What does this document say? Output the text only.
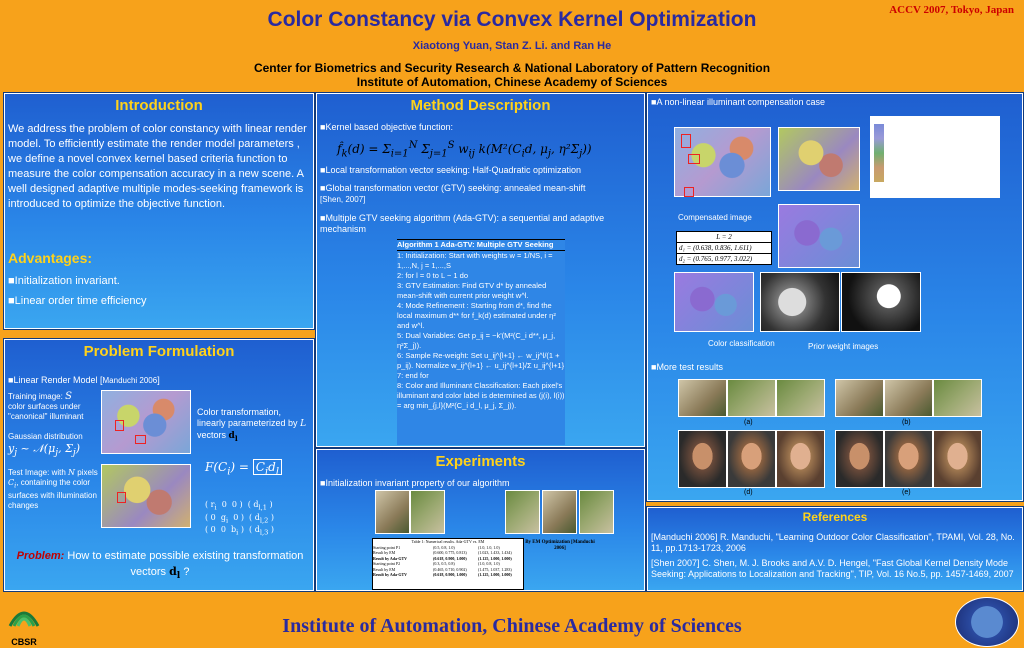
Color Constancy via Convex Kernel Optimization
Xiaotong Yuan, Stan Z. Li. and Ran He
Center for Biometrics and Security Research & National Laboratory of Pattern Recognition
Institute of Automation, Chinese Academy of Sciences
ACCV 2007, Tokyo, Japan
Introduction
We address the problem of color constancy with linear render model. To efficiently estimate the render model parameters , we define a novel convex kernel based criteria function to measure the color compensation accuracy in a new scene. A well designed adaptive multiple modes-seeking framework is introduced to optimize the objective function.
Advantages:
■ Initialization invariant.
■ Linear order time efficiency
Problem Formulation
■ Linear Render Model [Manduchi 2006]
Training image: S
color surfaces under "canonical" illuminant
Gaussian distribution
$y_j$ ~ $𝒩(\mu_j$, $\Sigma_j$)
Test Image: with N pixels $C_i$, containing the color surfaces with illumination changes
Color transformation, linearly parameterized by L vectors $d_l$
$F(C_i) = C_id_l$
( $r_i$  0  0 )  ( $d_{l,1}$ )
( 0  $g_i$  0 )  ( $d_{l,2}$ )
( 0  0  $b_i$ )  ( $d_{l,3}$ )
Problem: How to estimate possible existing transformation vectors $d_l$ ?
Method Description
■ Kernel based objective function:
$f̂_k(d) = \Sigma_{i=1}^N$ $\Sigma_{j=1}^S$ $w_{ij}$ $k(M^2(C_id$, $\mu_j$, $\eta^2\Sigma_j$))
■ Local transformation vector seeking: Half-Quadratic optimization
■ Global transformation vector (GTV) seeking: annealed mean-shift
[Shen, 2007]
■ Multiple GTV seeking algorithm (Ada-GTV): a sequential and adaptive mechanism
Algorithm 1 Ada-GTV: Multiple GTV Seeking
1: Initialization: Start with weights w = 1/NS, i = 1,...,N, j = 1,...,S
2: for l = 0 to L − 1 do
3: GTV Estimation: Find GTV d* by annealed mean-shift with current prior weight w^l.
4: Mode Refinement : Starting from d*, find the local maximum d** for f_k(d) estimated under η² and w^l.
5: Dual Variables: Get p_ij = −k'(M²(C_i d**, μ_j, η²Σ_j)).
6: Sample Re-weight: Set u_ij^{l+1} ← w_ij^l/(1 + p_ij). Normalize w_ij^{l+1} ← u_ij^{l+1}/Σ u_ij^{l+1}
7: end for
8: Color and Illuminant Classification: Each pixel's illuminant and color label is determined as (j(i), l(i)) = arg min_{j,l}(M²(C_i d_l, μ_j, Σ_j)).
Experiments
■ Initialization invariant property of our algorithm
Table 1: Numerical results. Ada-GTV vs. EM
Starting point P1	(0.5, 0.8, 1.0)	(1.0, 1.0, 1.0)
Result by EM	(0.600, 0.775, 0.813)	(1.023, 1.433, 1.434)
Result by Ada-GTV	(0.618, 0.900, 1.000)	(1.125, 1.000, 1.000)
Starting point P2	(0.3, 0.5, 0.8)	(1.0, 0.8, 1.0)
Result by EM	(0.465, 0.710, 0.902)	(1.475, 1.037, 1.283)
Result by Ada-GTV	(0.618, 0.900, 1.000)	(1.125, 1.000, 1.000)
By EM Optimization [Manduchi 2006]
■ A non-linear illuminant compensation case
Compensated image
L = 2
d₁ = (0.638, 0.836, 1.611)
d₂ = (0.765, 0.977, 3.022)
Color classification	Prior weight images
■ More test results
(a)	(b)
(d)	(e)
References
[Manduchi 2006] R. Manduchi, "Learning Outdoor Color Classification", TPAMI, Vol. 28, No. 11, pp.1713-1723, 2006
[Shen 2007] C. Shen, M. J. Brooks and A.V. D. Hengel, "Fast Global Kernel Density Mode Seeking: Applications to Localization and Tracking", TIP, Vol. 16 No.5, pp. 1457-1469, 2007
Institute of Automation, Chinese Academy of Sciences
CBSR
